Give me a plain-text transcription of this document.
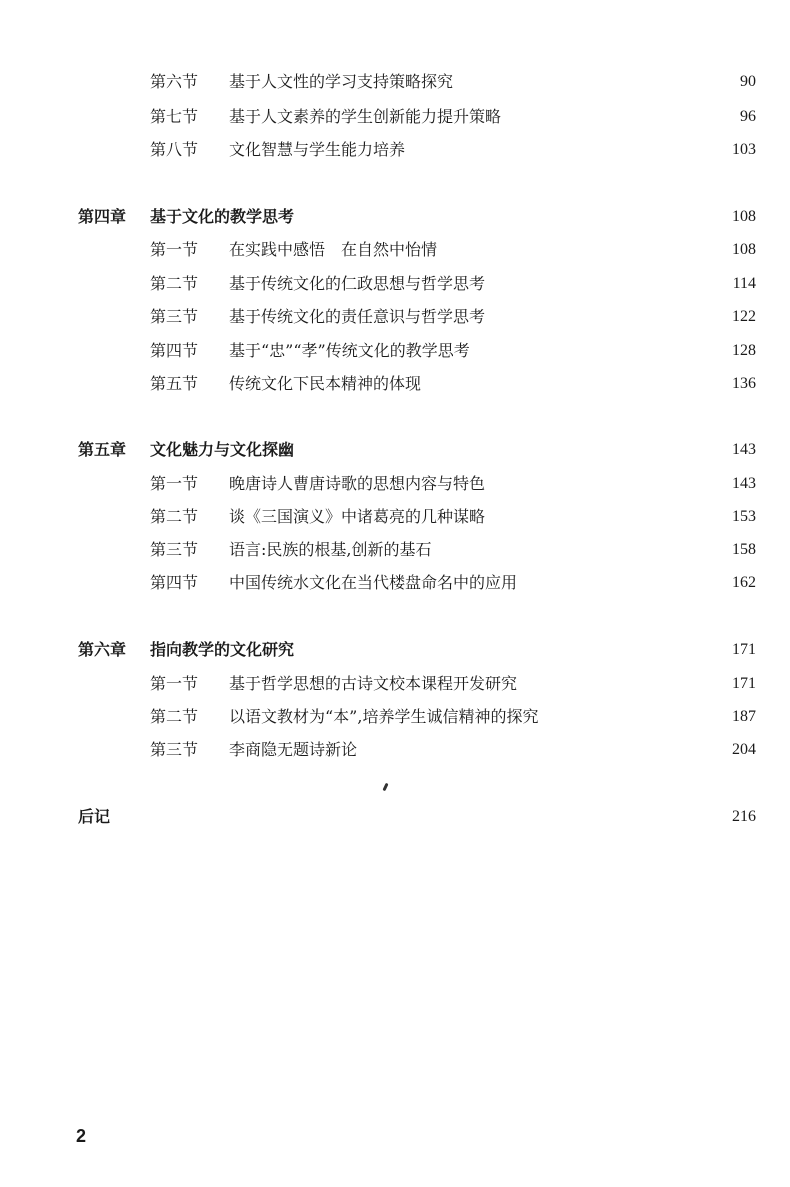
第六节 基于人文性的学习支持策略探究	90
第七节 基于人文素养的学生创新能力提升策略	96
第八节 文化智慧与学生能力培养	103
第四章 基于文化的教学思考	108
第一节 在实践中感悟　在自然中怡情	108
第二节 基于传统文化的仁政思想与哲学思考	114
第三节 基于传统文化的责任意识与哲学思考	122
第四节 基于“忠”“孝”传统文化的教学思考	128
第五节 传统文化下民本精神的体现	136
第五章 文化魅力与文化探幽	143
第一节 晚唐诗人曹唐诗歌的思想内容与特色	143
第二节 谈《三国演义》中诸葛亮的几种谋略	153
第三节 语言:民族的根基,创新的基石	158
第四节 中国传统水文化在当代楼盘命名中的应用	162
第六章 指向教学的文化研究	171
第一节 基于哲学思想的古诗文校本课程开发研究	171
第二节 以语文教材为“本”,培养学生诚信精神的探究	187
第三节 李商隐无题诗新论	204
后记	216
2
